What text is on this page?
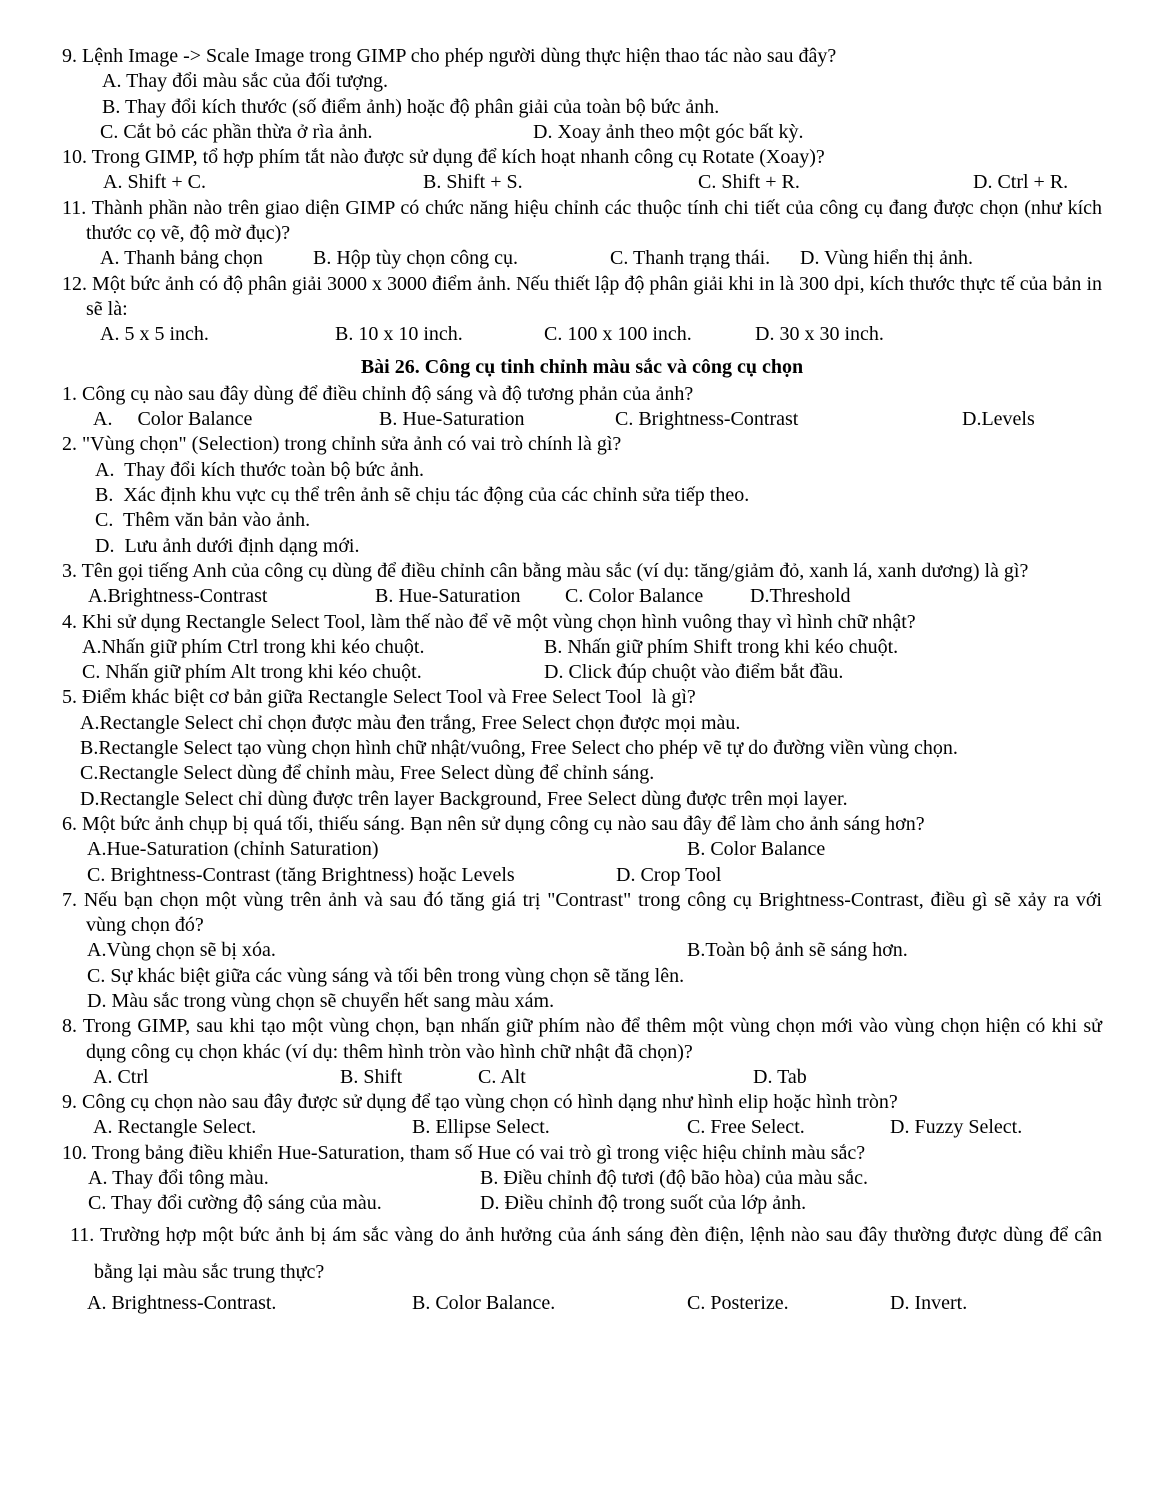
9. Lệnh Image -> Scale Image trong GIMP cho phép người dùng thực hiện thao tác nào sau đây?
A. Thay đổi màu sắc của đối tượng.
B. Thay đổi kích thước (số điểm ảnh) hoặc độ phân giải của toàn bộ bức ảnh.
C. Cắt bỏ các phần thừa ở rìa ảnh.	D. Xoay ảnh theo một góc bất kỳ.
10. Trong GIMP, tổ hợp phím tắt nào được sử dụng để kích hoạt nhanh công cụ Rotate (Xoay)?
A. Shift + C.	B. Shift + S.	C. Shift + R.	D. Ctrl + R.
11. Thành phần nào trên giao diện GIMP có chức năng hiệu chỉnh các thuộc tính chi tiết của công cụ đang được chọn (như kích thước cọ vẽ, độ mờ đục)?
A. Thanh bảng chọn	B. Hộp tùy chọn công cụ.	C. Thanh trạng thái. D. Vùng hiển thị ảnh.
12. Một bức ảnh có độ phân giải 3000 x 3000 điểm ảnh. Nếu thiết lập độ phân giải khi in là 300 dpi, kích thước thực tế của bản in sẽ là:
A. 5 x 5 inch.	B. 10 x 10 inch.	C. 100 x 100 inch.	D. 30 x 30 inch.
Bài 26. Công cụ tinh chỉnh màu sắc và công cụ chọn
1. Công cụ nào sau đây dùng để điều chỉnh độ sáng và độ tương phản của ảnh?
A.     Color Balance	B. Hue-Saturation	C. Brightness-Contrast	D.Levels
2. "Vùng chọn" (Selection) trong chỉnh sửa ảnh có vai trò chính là gì?
A.  Thay đổi kích thước toàn bộ bức ảnh.
B.  Xác định khu vực cụ thể trên ảnh sẽ chịu tác động của các chỉnh sửa tiếp theo.
C.  Thêm văn bản vào ảnh.
D.  Lưu ảnh dưới định dạng mới.
3. Tên gọi tiếng Anh của công cụ dùng để điều chỉnh cân bằng màu sắc (ví dụ: tăng/giảm đỏ, xanh lá, xanh dương) là gì?
A.Brightness-Contrast	B. Hue-Saturation C. Color Balance D.Threshold
4. Khi sử dụng Rectangle Select Tool, làm thế nào để vẽ một vùng chọn hình vuông thay vì hình chữ nhật?
A.Nhấn giữ phím Ctrl trong khi kéo chuột.	B. Nhấn giữ phím Shift trong khi kéo chuột.
C. Nhấn giữ phím Alt trong khi kéo chuột.	D. Click đúp chuột vào điểm bắt đầu.
5. Điểm khác biệt cơ bản giữa Rectangle Select Tool và Free Select Tool  là gì?
A.Rectangle Select chỉ chọn được màu đen trắng, Free Select chọn được mọi màu.
B.Rectangle Select tạo vùng chọn hình chữ nhật/vuông, Free Select cho phép vẽ tự do đường viền vùng chọn.
C.Rectangle Select dùng để chỉnh màu, Free Select dùng để chỉnh sáng.
D.Rectangle Select chỉ dùng được trên layer Background, Free Select dùng được trên mọi layer.
6. Một bức ảnh chụp bị quá tối, thiếu sáng. Bạn nên sử dụng công cụ nào sau đây để làm cho ảnh sáng hơn?
A.Hue-Saturation (chỉnh Saturation)	B. Color Balance
C. Brightness-Contrast (tăng Brightness) hoặc Levels	D. Crop Tool
7. Nếu bạn chọn một vùng trên ảnh và sau đó tăng giá trị "Contrast" trong công cụ Brightness-Contrast, điều gì sẽ xảy ra với vùng chọn đó?
A.Vùng chọn sẽ bị xóa.	B.Toàn bộ ảnh sẽ sáng hơn.
C. Sự khác biệt giữa các vùng sáng và tối bên trong vùng chọn sẽ tăng lên.
D. Màu sắc trong vùng chọn sẽ chuyển hết sang màu xám.
8. Trong GIMP, sau khi tạo một vùng chọn, bạn nhấn giữ phím nào để thêm một vùng chọn mới vào vùng chọn hiện có khi sử dụng công cụ chọn khác (ví dụ: thêm hình tròn vào hình chữ nhật đã chọn)?
A. Ctrl	B. Shift	C. Alt	D. Tab
9. Công cụ chọn nào sau đây được sử dụng để tạo vùng chọn có hình dạng như hình elip hoặc hình tròn?
A. Rectangle Select.	B. Ellipse Select.	C. Free Select.	D. Fuzzy Select.
10. Trong bảng điều khiển Hue-Saturation, tham số Hue có vai trò gì trong việc hiệu chỉnh màu sắc?
A. Thay đổi tông màu.	B. Điều chỉnh độ tươi (độ bão hòa) của màu sắc.
C. Thay đổi cường độ sáng của màu.	D. Điều chỉnh độ trong suốt của lớp ảnh.
11. Trường hợp một bức ảnh bị ám sắc vàng do ảnh hưởng của ánh sáng đèn điện, lệnh nào sau đây thường được dùng để cân bằng lại màu sắc trung thực?
A. Brightness-Contrast.	B. Color Balance.	C. Posterize.	D. Invert.
